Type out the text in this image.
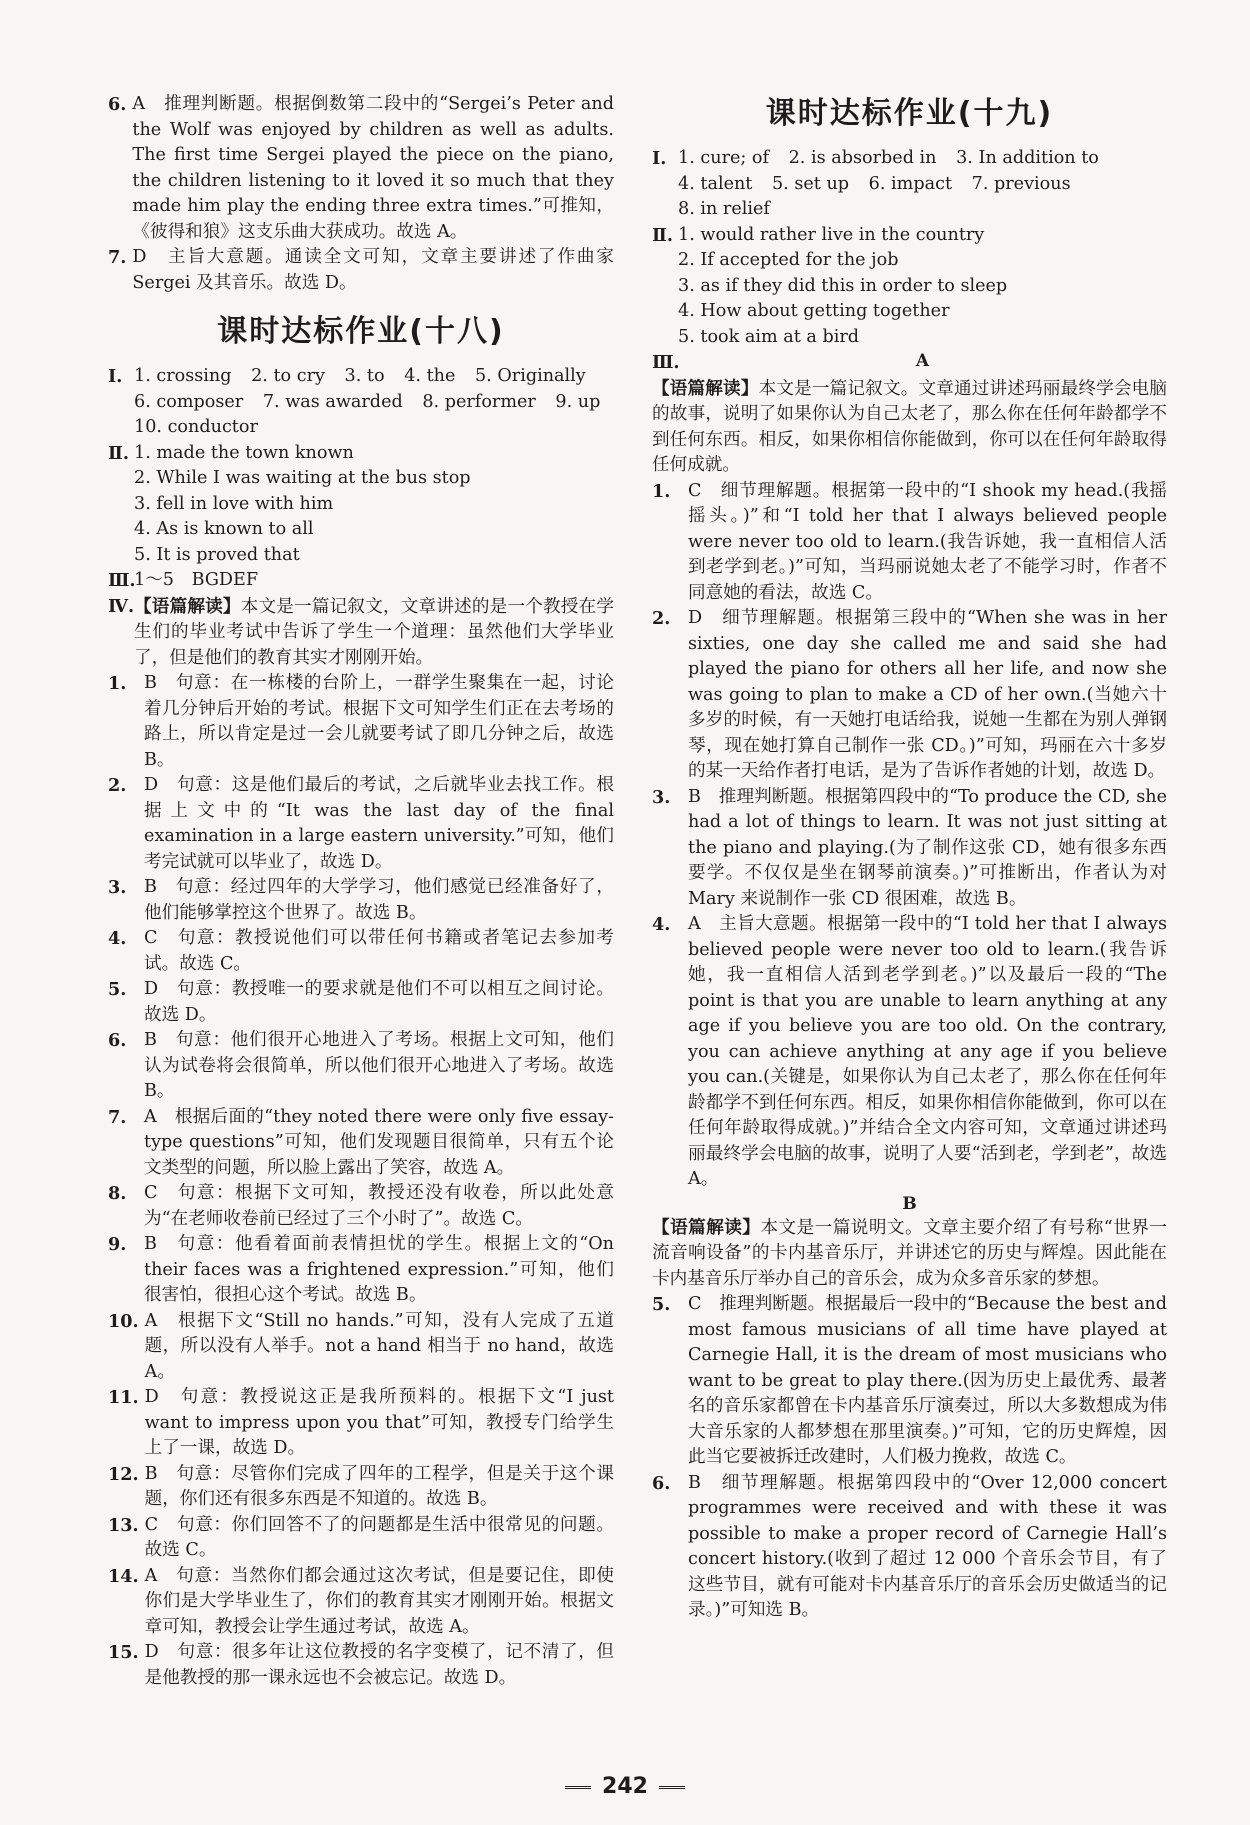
6. A　推理判断题。根据倒数第二段中的“Sergei’s Peter and the Wolf was enjoyed by children as well as adults. The first time Sergei played the piece on the piano, the children listening to it loved it so much that they made him play the ending three extra times.”可推知，《彼得和狼》这支乐曲大获成功。故选 A。
7. D　主旨大意题。通读全文可知，文章主要讲述了作曲家 Sergei 及其音乐。故选 D。
课时达标作业(十八)
Ⅰ. 1. crossing 2. to cry 3. to 4. the 5. Originally
6. composer 7. was awarded 8. performer 9. up
10. conductor
Ⅱ. 1. made the town known
2. While I was waiting at the bus stop
3. fell in love with him
4. As is known to all
5. It is proved that
Ⅲ.
1～5　BGDEF
Ⅳ. 【语篇解读】本文是一篇记叙文，文章讲述的是一个教授在学生们的毕业考试中告诉了学生一个道理：虽然他们大学毕业了，但是他们的教育其实才刚刚开始。
1.	B　句意：在一栋楼的台阶上，一群学生聚集在一起，讨论着几分钟后开始的考试。根据下文可知学生们正在去考场的路上，所以肯定是过一会儿就要考试了即几分钟之后，故选 B。
2.	D　句意：这是他们最后的考试，之后就毕业去找工作。根据上文中的“It was the last day of the final examination in a large eastern university.”可知，他们考完试就可以毕业了，故选 D。
3.	B　句意：经过四年的大学学习，他们感觉已经准备好了，他们能够掌控这个世界了。故选 B。
4.	C　句意：教授说他们可以带任何书籍或者笔记去参加考试。故选 C。
5.	D　句意：教授唯一的要求就是他们不可以相互之间讨论。故选 D。
6.	B　句意：他们很开心地进入了考场。根据上文可知，他们认为试卷将会很简单，所以他们很开心地进入了考场。故选 B。
7.	A　根据后面的“they noted there were only five essay-type questions”可知，他们发现题目很简单，只有五个论文类型的问题，所以脸上露出了笑容，故选 A。
8.	C　句意：根据下文可知，教授还没有收卷，所以此处意为“在老师收卷前已经过了三个小时了”。故选 C。
9.	B　句意：他看着面前表情担忧的学生。根据上文的“On their faces was a frightened expression.”可知，他们很害怕，很担心这个考试。故选 B。
10. A　根据下文“Still no hands.”可知，没有人完成了五道题，所以没有人举手。not a hand 相当于 no hand，故选 A。
11. D　句意：教授说这正是我所预料的。根据下文“I just want to impress upon you that”可知，教授专门给学生上了一课，故选 D。
12. B　句意：尽管你们完成了四年的工程学，但是关于这个课题，你们还有很多东西是不知道的。故选 B。
13. C　句意：你们回答不了的问题都是生活中很常见的问题。故选 C。
14. A　句意：当然你们都会通过这次考试，但是要记住，即使你们是大学毕业生了，你们的教育其实才刚刚开始。根据文章可知，教授会让学生通过考试，故选 A。
15. D　句意：很多年让这位教授的名字变模了，记不清了，但是他教授的那一课永远也不会被忘记。故选 D。
课时达标作业(十九)
Ⅰ. 1. cure; of 2. is absorbed in 3. In addition to
4. talent 5. set up 6. impact 7. previous
8. in relief
Ⅱ. 1. would rather live in the country
2. If accepted for the job
3. as if they did this in order to sleep
4. How about getting together
5. took aim at a bird
Ⅲ.	A
【语篇解读】本文是一篇记叙文。文章通过讲述玛丽最终学会电脑的故事，说明了如果你认为自己太老了，那么你在任何年龄都学不到任何东西。相反，如果你相信你能做到，你可以在任何年龄取得任何成就。
1.	C　细节理解题。根据第一段中的“I shook my head.(我摇摇头。)”和“I told her that I always believed people were never too old to learn.(我告诉她，我一直相信人活到老学到老。)”可知，当玛丽说她太老了不能学习时，作者不同意她的看法，故选 C。
2.	D　细节理解题。根据第三段中的“When she was in her sixties, one day she called me and said she had played the piano for others all her life, and now she was going to plan to make a CD of her own.(当她六十多岁的时候，有一天她打电话给我，说她一生都在为别人弹钢琴，现在她打算自己制作一张 CD。)”可知，玛丽在六十多岁的某一天给作者打电话，是为了告诉作者她的计划，故选 D。
3.	B　推理判断题。根据第四段中的“To produce the CD, she had a lot of things to learn. It was not just sitting at the piano and playing.(为了制作这张 CD，她有很多东西要学。不仅仅是坐在钢琴前演奏。)”可推断出，作者认为对 Mary 来说制作一张 CD 很困难，故选 B。
4.	A　主旨大意题。根据第一段中的“I told her that I always believed people were never too old to learn.(我告诉她，我一直相信人活到老学到老。)”以及最后一段的“The point is that you are unable to learn anything at any age if you believe you are too old. On the contrary, you can achieve anything at any age if you believe you can.(关键是，如果你认为自己太老了，那么你在任何年龄都学不到任何东西。相反，如果你相信你能做到，你可以在任何年龄取得成就。)”并结合全文内容可知，文章通过讲述玛丽最终学会电脑的故事，说明了人要“活到老，学到老”，故选 A。
B
【语篇解读】本文是一篇说明文。文章主要介绍了有号称“世界一流音响设备”的卡内基音乐厅，并讲述它的历史与辉煌。因此能在卡内基音乐厅举办自己的音乐会，成为众多音乐家的梦想。
5.	C　推理判断题。根据最后一段中的“Because the best and most famous musicians of all time have played at Carnegie Hall, it is the dream of most musicians who want to be great to play there.(因为历史上最优秀、最著名的音乐家都曾在卡内基音乐厅演奏过，所以大多数想成为伟大音乐家的人都梦想在那里演奏。)”可知，它的历史辉煌，因此当它要被拆迁改建时，人们极力挽救，故选 C。
6.	B　细节理解题。根据第四段中的“Over 12,000 concert programmes were received and with these it was possible to make a proper record of Carnegie Hall’s concert history.(收到了超过 12 000 个音乐会节目，有了这些节目，就有可能对卡内基音乐厅的音乐会历史做适当的记录。)”可知选 B。
242
